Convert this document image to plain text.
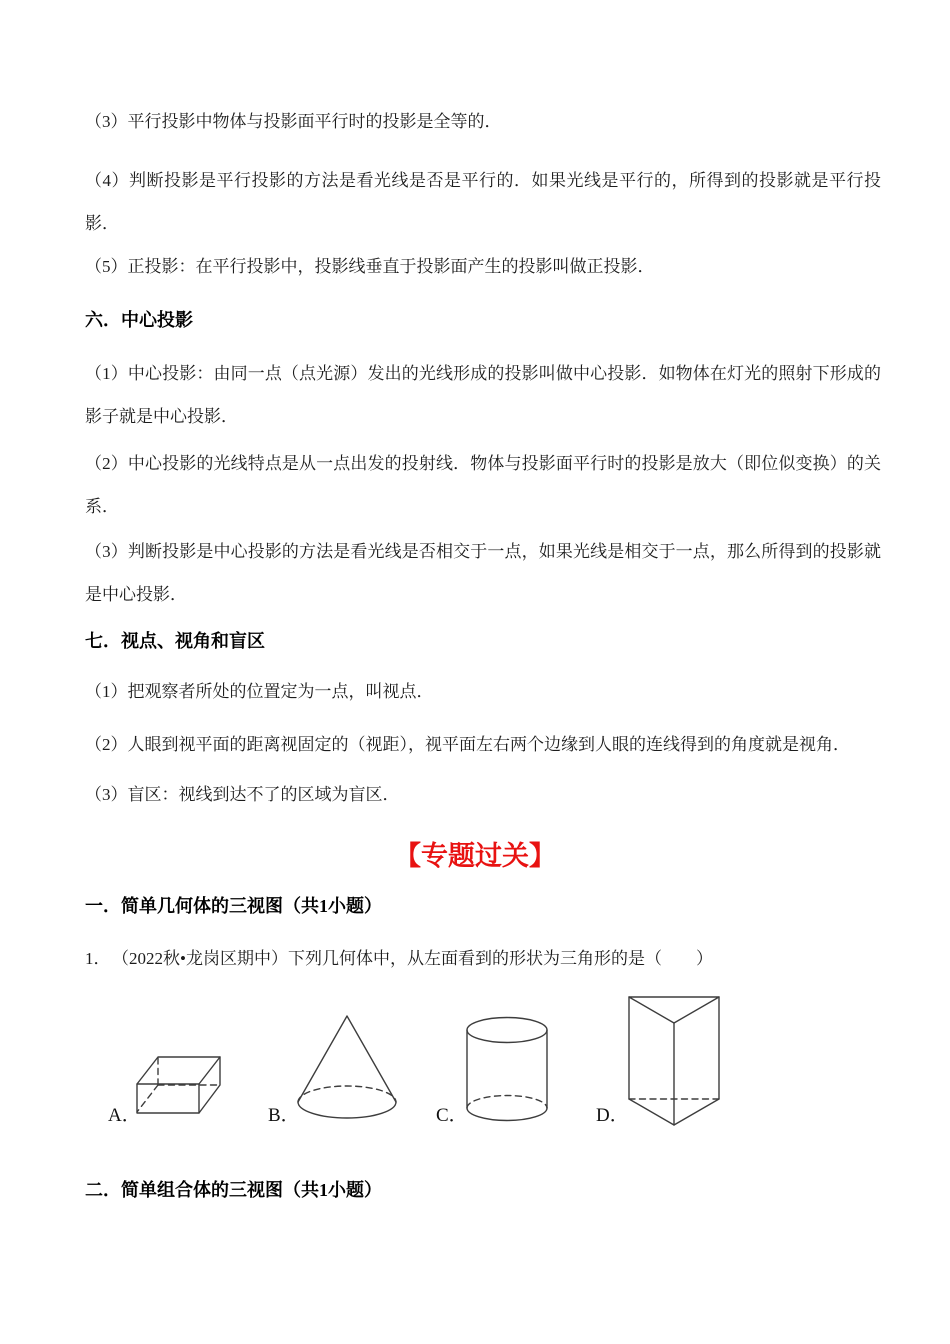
（3）平行投影中物体与投影面平行时的投影是全等的．

（4）判断投影是平行投影的方法是看光线是否是平行的．如果光线是平行的，所得到的投影就是平行投影．

（5）正投影：在平行投影中，投影线垂直于投影面产生的投影叫做正投影．

六．中心投影

（1）中心投影：由同一点（点光源）发出的光线形成的投影叫做中心投影．如物体在灯光的照射下形成的影子就是中心投影．

（2）中心投影的光线特点是从一点出发的投射线．物体与投影面平行时的投影是放大（即位似变换）的关系．

（3）判断投影是中心投影的方法是看光线是否相交于一点，如果光线是相交于一点，那么所得到的投影就是中心投影．

七．视点、视角和盲区

（1）把观察者所处的位置定为一点，叫视点．

（2）人眼到视平面的距离视固定的（视距），视平面左右两个边缘到人眼的连线得到的角度就是视角．

（3）盲区：视线到达不了的区域为盲区．

【专题过关】
一．简单几何体的三视图（共1小题）
1． （2022秋•龙岗区期中）下列几何体中，从左面看到的形状为三角形的是（　　）
A．	B．	C．	D．
二．简单组合体的三视图（共1小题）
